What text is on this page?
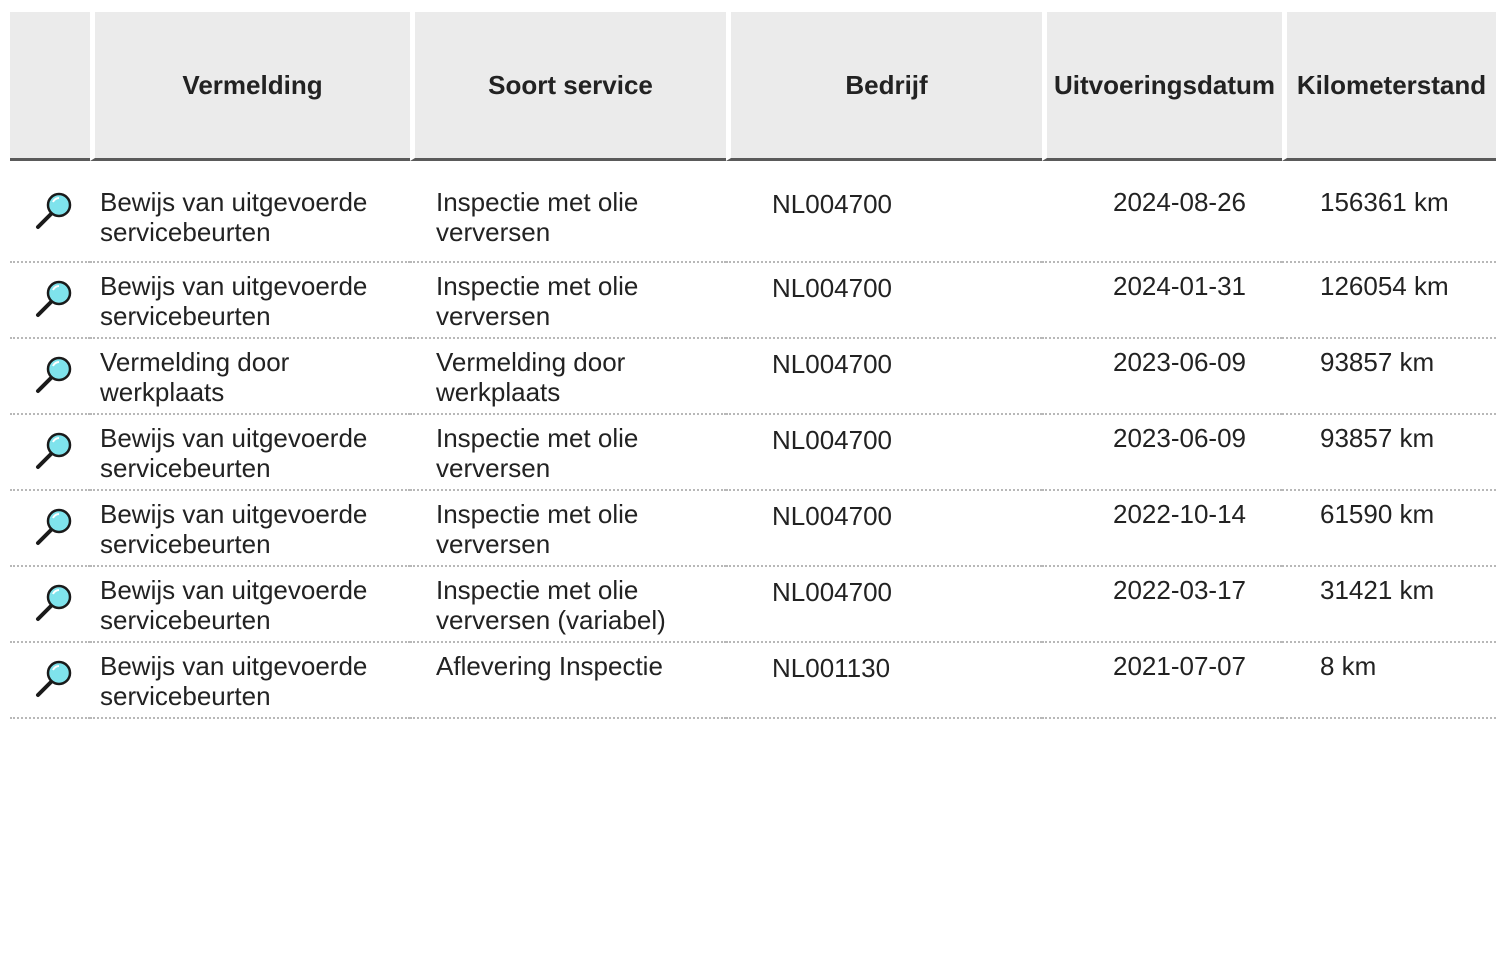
	Vermelding	Soort service	Bedrijf	Uitvoeringsdatum	Kilometerstand

Bewijs van uitgevoerde
servicebeurten	Inspectie met olie
verversen	NL004700	2024-08-26	156361 km

Bewijs van uitgevoerde
servicebeurten	Inspectie met olie
verversen	NL004700	2024-01-31	126054 km

Vermelding door
werkplaats	Vermelding door
werkplaats	NL004700	2023-06-09	93857 km

Bewijs van uitgevoerde
servicebeurten	Inspectie met olie
verversen	NL004700	2023-06-09	93857 km

Bewijs van uitgevoerde
servicebeurten	Inspectie met olie
verversen	NL004700	2022-10-14	61590 km

Bewijs van uitgevoerde
servicebeurten	Inspectie met olie
verversen (variabel)	NL004700	2022-03-17	31421 km

Bewijs van uitgevoerde
servicebeurten	Aflevering Inspectie	NL001130	2021-07-07	8 km
